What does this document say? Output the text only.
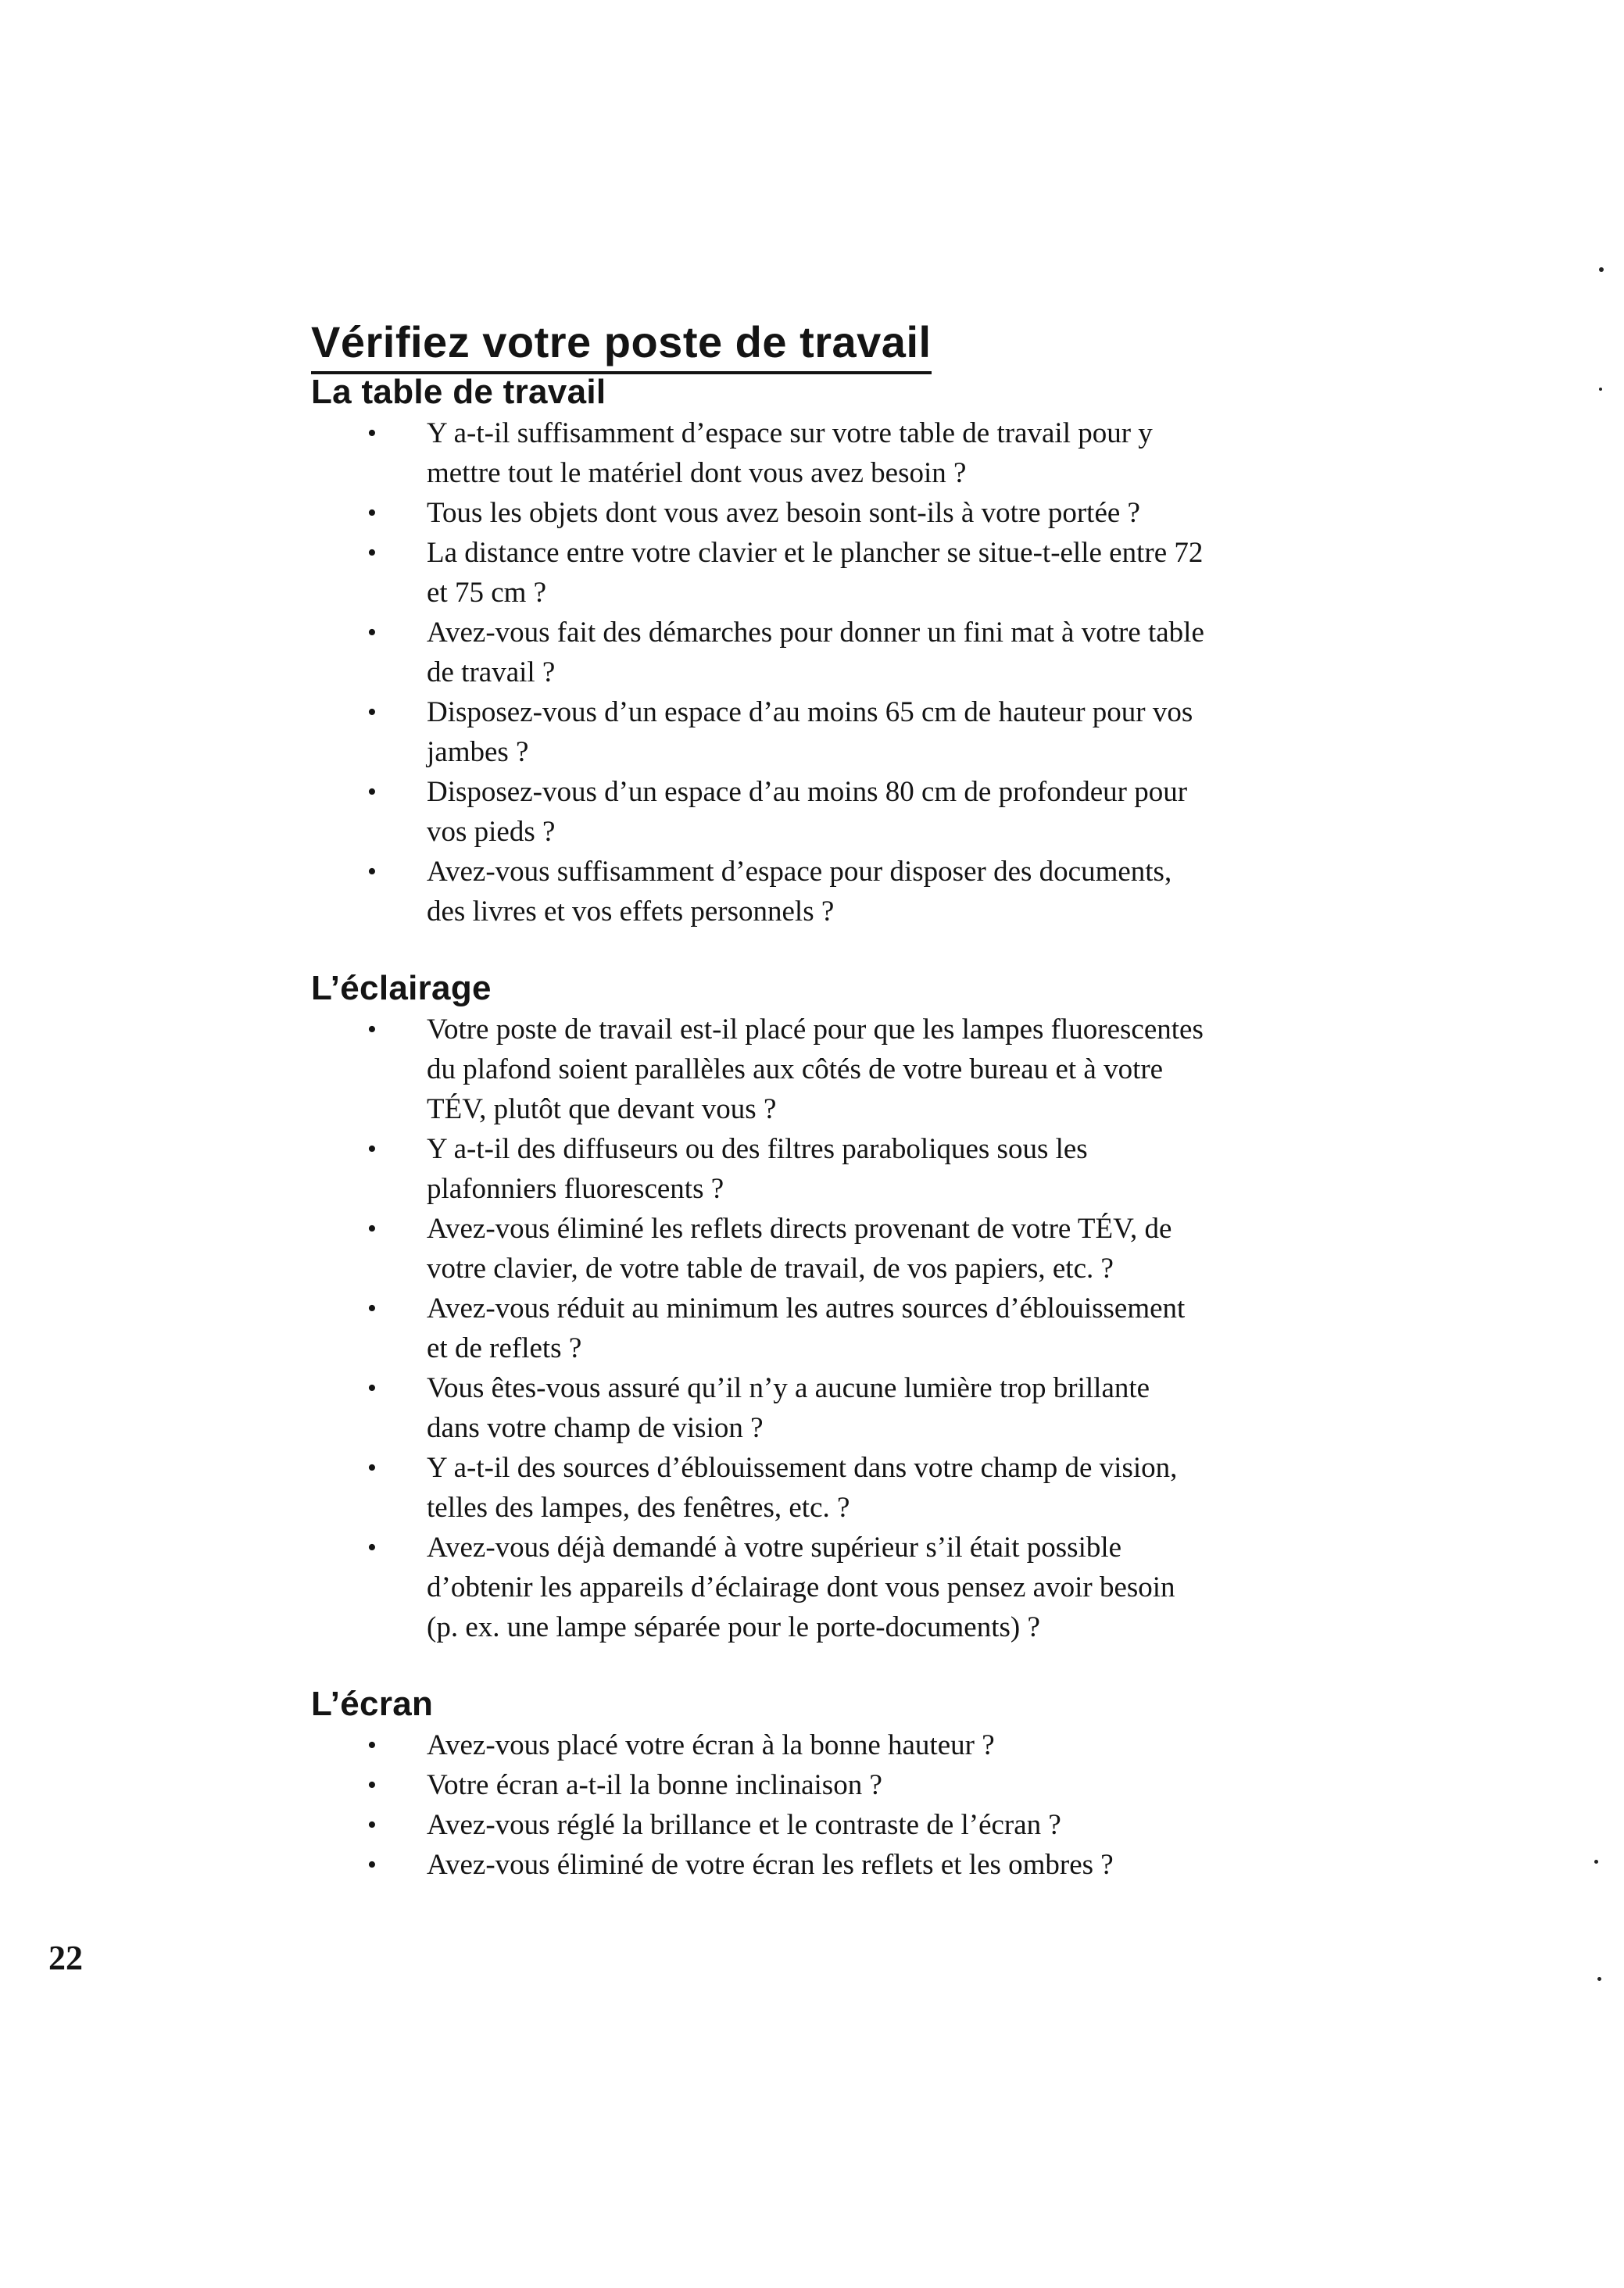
Vérifiez votre poste de travail
La table de travail
• Y a-t-il suffisamment d’espace sur votre table de travail pour y mettre tout le matériel dont vous avez besoin ?
• Tous les objets dont vous avez besoin sont-ils à votre portée ?
• La distance entre votre clavier et le plancher se situe-t-elle entre 72 et 75 cm ?
• Avez-vous fait des démarches pour donner un fini mat à votre table de travail ?
• Disposez-vous d’un espace d’au moins 65 cm de hauteur pour vos jambes ?
• Disposez-vous d’un espace d’au moins 80 cm de profondeur pour vos pieds ?
• Avez-vous suffisamment d’espace pour disposer des documents, des livres et vos effets personnels ?
L’éclairage
• Votre poste de travail est-il placé pour que les lampes fluorescentes du plafond soient parallèles aux côtés de votre bureau et à votre TÉV, plutôt que devant vous ?
• Y a-t-il des diffuseurs ou des filtres paraboliques sous les plafonniers fluorescents ?
• Avez-vous éliminé les reflets directs provenant de votre TÉV, de votre clavier, de votre table de travail, de vos papiers, etc. ?
• Avez-vous réduit au minimum les autres sources d’éblouissement et de reflets ?
• Vous êtes-vous assuré qu’il n’y a aucune lumière trop brillante dans votre champ de vision ?
• Y a-t-il des sources d’éblouissement dans votre champ de vision, telles des lampes, des fenêtres, etc. ?
• Avez-vous déjà demandé à votre supérieur s’il était possible d’obtenir les appareils d’éclairage dont vous pensez avoir besoin (p. ex. une lampe séparée pour le porte-documents) ?
L’écran
• Avez-vous placé votre écran à la bonne hauteur ?
• Votre écran a-t-il la bonne inclinaison ?
• Avez-vous réglé la brillance et le contraste de l’écran ?
• Avez-vous éliminé de votre écran les reflets et les ombres ?
22
